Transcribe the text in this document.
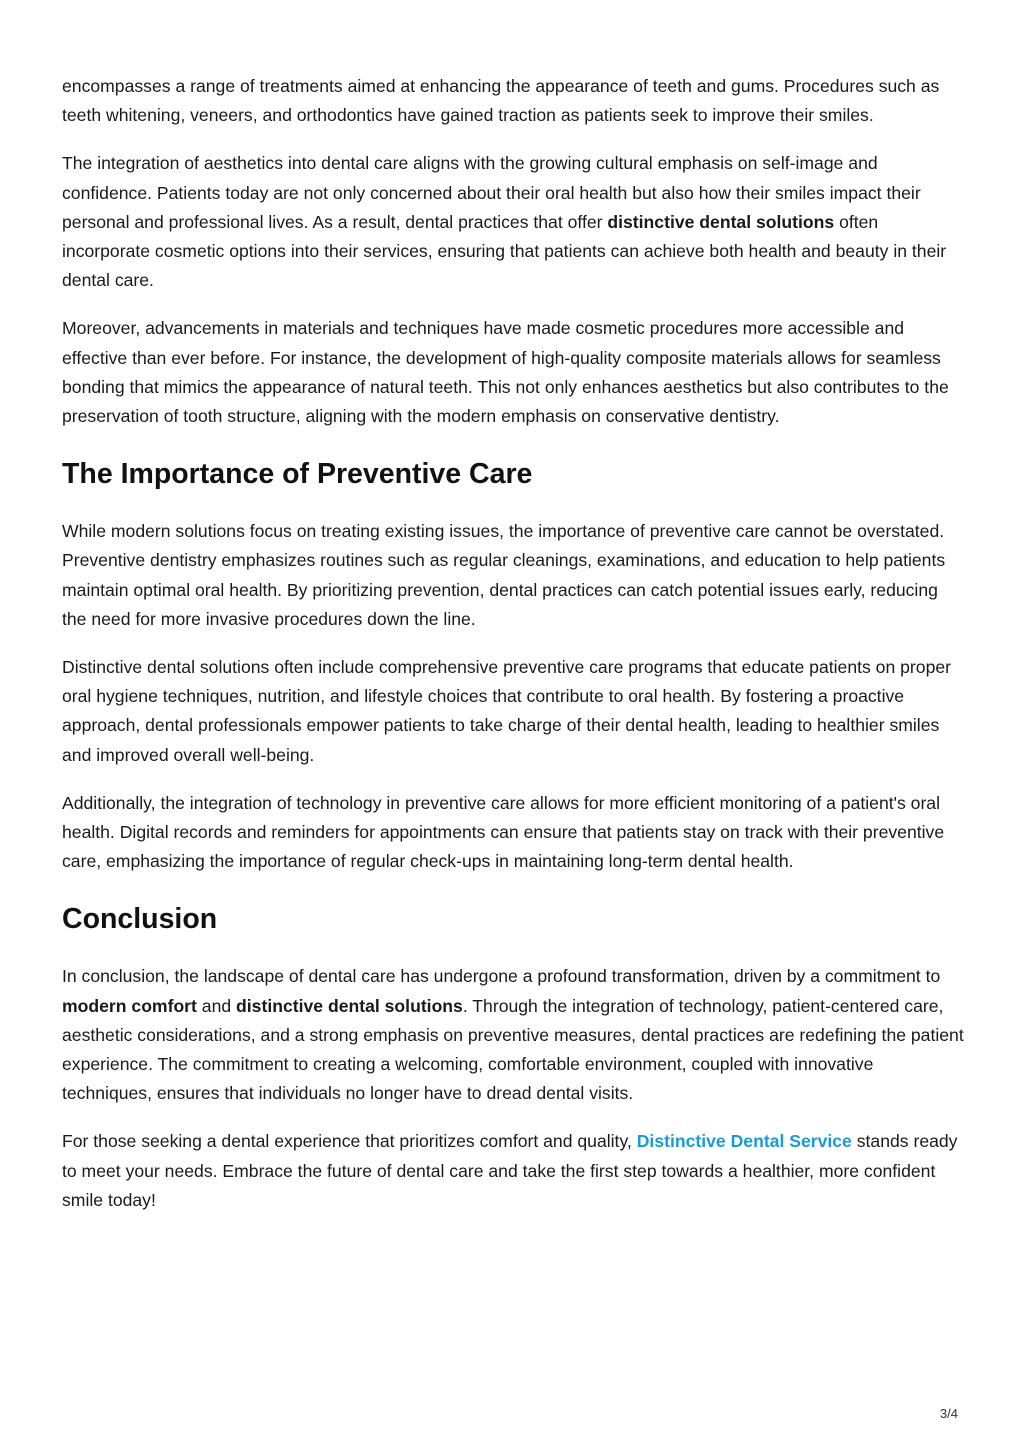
encompasses a range of treatments aimed at enhancing the appearance of teeth and gums. Procedures such as teeth whitening, veneers, and orthodontics have gained traction as patients seek to improve their smiles.

The integration of aesthetics into dental care aligns with the growing cultural emphasis on self-image and confidence. Patients today are not only concerned about their oral health but also how their smiles impact their personal and professional lives. As a result, dental practices that offer distinctive dental solutions often incorporate cosmetic options into their services, ensuring that patients can achieve both health and beauty in their dental care.

Moreover, advancements in materials and techniques have made cosmetic procedures more accessible and effective than ever before. For instance, the development of high-quality composite materials allows for seamless bonding that mimics the appearance of natural teeth. This not only enhances aesthetics but also contributes to the preservation of tooth structure, aligning with the modern emphasis on conservative dentistry.

The Importance of Preventive Care

While modern solutions focus on treating existing issues, the importance of preventive care cannot be overstated. Preventive dentistry emphasizes routines such as regular cleanings, examinations, and education to help patients maintain optimal oral health. By prioritizing prevention, dental practices can catch potential issues early, reducing the need for more invasive procedures down the line.

Distinctive dental solutions often include comprehensive preventive care programs that educate patients on proper oral hygiene techniques, nutrition, and lifestyle choices that contribute to oral health. By fostering a proactive approach, dental professionals empower patients to take charge of their dental health, leading to healthier smiles and improved overall well-being.

Additionally, the integration of technology in preventive care allows for more efficient monitoring of a patient's oral health. Digital records and reminders for appointments can ensure that patients stay on track with their preventive care, emphasizing the importance of regular check-ups in maintaining long-term dental health.

Conclusion

In conclusion, the landscape of dental care has undergone a profound transformation, driven by a commitment to modern comfort and distinctive dental solutions. Through the integration of technology, patient-centered care, aesthetic considerations, and a strong emphasis on preventive measures, dental practices are redefining the patient experience. The commitment to creating a welcoming, comfortable environment, coupled with innovative techniques, ensures that individuals no longer have to dread dental visits.

For those seeking a dental experience that prioritizes comfort and quality, Distinctive Dental Service stands ready to meet your needs. Embrace the future of dental care and take the first step towards a healthier, more confident smile today!

3/4
